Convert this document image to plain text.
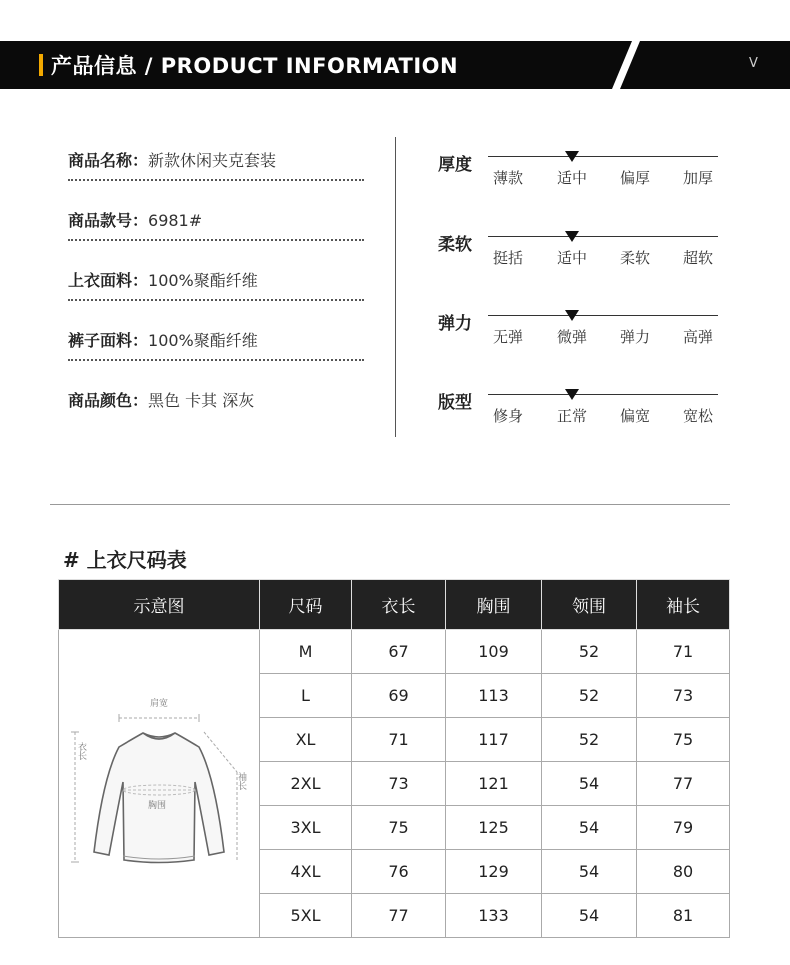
产品信息 / PRODUCT INFORMATION	V
商品名称：新款休闲夹克套装
商品款号：6981#
上衣面料：100%聚酯纤维
裤子面料：100%聚酯纤维
商品颜色：黑色 卡其 深灰
厚度
薄款	适中	偏厚	加厚
柔软
挺括	适中	柔软	超软
弹力
无弹	微弹	弹力	高弹
版型
修身	正常	偏宽	宽松
# 上衣尺码表
示意图	尺码	衣长	胸围	领围	袖长

肩宽
衣长
袖长
胸围	M	67	109	52	71
	L	69	113	52	73
	XL	71	117	52	75
	2XL	73	121	54	77
	3XL	75	125	54	79
	4XL	76	129	54	80
	5XL	77	133	54	81
